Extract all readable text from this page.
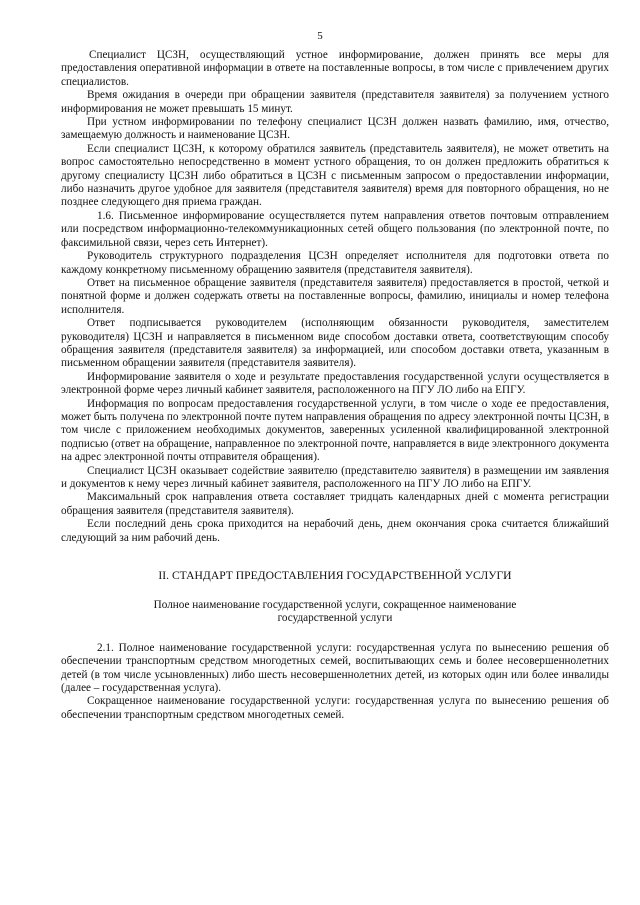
5

Специалист ЦСЗН, осуществляющий устное информирование, должен принять все меры для предоставления оперативной информации в ответе на поставленные вопросы, в том числе с привлечением других специалистов.

Время ожидания в очереди при обращении заявителя (представителя заявителя) за получением устного информирования не может превышать 15 минут.

При устном информировании по телефону специалист ЦСЗН должен назвать фамилию, имя, отчество, замещаемую должность и наименование ЦСЗН.

Если специалист ЦСЗН, к которому обратился заявитель (представитель заявителя), не может ответить на вопрос самостоятельно непосредственно в момент устного обращения, то он должен предложить обратиться к другому специалисту ЦСЗН либо обратиться в ЦСЗН с письменным запросом о предоставлении информации, либо назначить другое удобное для заявителя (представителя заявителя) время для повторного обращения, но не позднее следующего дня приема граждан.

1.6. Письменное информирование осуществляется путем направления ответов почтовым отправлением или посредством информационно-телекоммуникационных сетей общего пользования (по электронной почте, по факсимильной связи, через сеть Интернет).

Руководитель структурного подразделения ЦСЗН определяет исполнителя для подготовки ответа по каждому конкретному письменному обращению заявителя (представителя заявителя).

Ответ на письменное обращение заявителя (представителя заявителя) предоставляется в простой, четкой и понятной форме и должен содержать ответы на поставленные вопросы, фамилию, инициалы и номер телефона исполнителя.

Ответ подписывается руководителем (исполняющим обязанности руководителя, заместителем руководителя) ЦСЗН и направляется в письменном виде способом доставки ответа, соответствующим способу обращения заявителя (представителя заявителя) за информацией, или способом доставки ответа, указанным в письменном обращении заявителя (представителя заявителя).

Информирование заявителя о ходе и результате предоставления государственной услуги осуществляется в электронной форме через личный кабинет заявителя, расположенного на ПГУ ЛО либо на ЕПГУ.

Информация по вопросам предоставления государственной услуги, в том числе о ходе ее предоставления, может быть получена по электронной почте путем направления обращения по адресу электронной почты ЦСЗН, в том числе с приложением необходимых документов, заверенных усиленной квалифицированной электронной подписью (ответ на обращение, направленное по электронной почте, направляется в виде электронного документа на адрес электронной почты отправителя обращения).

Специалист ЦСЗН оказывает содействие заявителю (представителю заявителя) в размещении им заявления и документов к нему через личный кабинет заявителя, расположенного на ПГУ ЛО либо на ЕПГУ.

Максимальный срок направления ответа составляет тридцать календарных дней с момента регистрации обращения заявителя (представителя заявителя).

Если последний день срока приходится на нерабочий день, днем окончания срока считается ближайший следующий за ним рабочий день.

II. СТАНДАРТ ПРЕДОСТАВЛЕНИЯ ГОСУДАРСТВЕННОЙ УСЛУГИ
Полное наименование государственной услуги, сокращенное наименование государственной услуги

2.1. Полное наименование государственной услуги: государственная услуга по вынесению решения об обеспечении транспортным средством многодетных семей, воспитывающих семь и более несовершеннолетних детей (в том числе усыновленных) либо шесть несовершеннолетних детей, из которых один или более инвалиды (далее – государственная услуга).

Сокращенное наименование государственной услуги: государственная услуга по вынесению решения об обеспечении транспортным средством многодетных семей.
